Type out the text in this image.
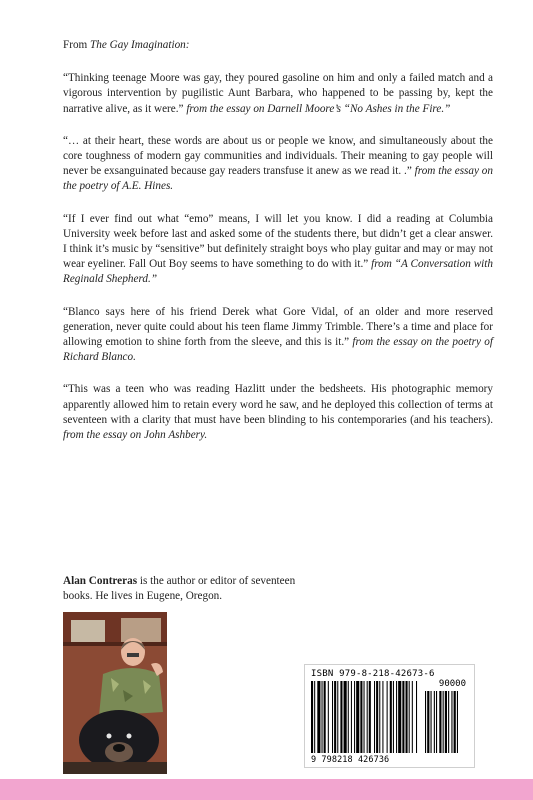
From The Gay Imagination:

“Thinking teenage Moore was gay, they poured gasoline on him and only a failed match and a vigorous intervention by pugilistic Aunt Barbara, who happened to be passing by, kept the narrative alive, as it were.” from the essay on Darnell Moore’s “No Ashes in the Fire.”

“… at their heart, these words are about us or people we know, and simultaneously about the core toughness of modern gay communities and individuals. Their meaning to gay people will never be exsanguinated because gay readers transfuse it anew as we read it. .” from the essay on the poetry of A.E. Hines.

“If I ever find out what “emo” means, I will let you know. I did a reading at Columbia University week before last and asked some of the students there, but didn’t get a clear answer. I think it’s music by “sensitive” but definitely straight boys who play guitar and may or may not wear eyeliner. Fall Out Boy seems to have something to do with it.” from “A Conversation with Reginald Shepherd.”

“Blanco says here of his friend Derek what Gore Vidal, of an older and more reserved generation, never quite could about his teen flame Jimmy Trimble. There’s a time and place for allowing emotion to shine forth from the sleeve, and this is it.” from the essay on the poetry of Richard Blanco.

“This was a teen who was reading Hazlitt under the bedsheets. His photographic memory apparently allowed him to retain every word he saw, and he deployed this collection of terms at seventeen with a clarity that must have been blinding to his contemporaries (and his teachers). from the essay on John Ashbery.

Alan Contreras is the author or editor of seventeen books. He lives in Eugene, Oregon.
ISBN 979-8-218-42673-6
90000
9 798218 426736
